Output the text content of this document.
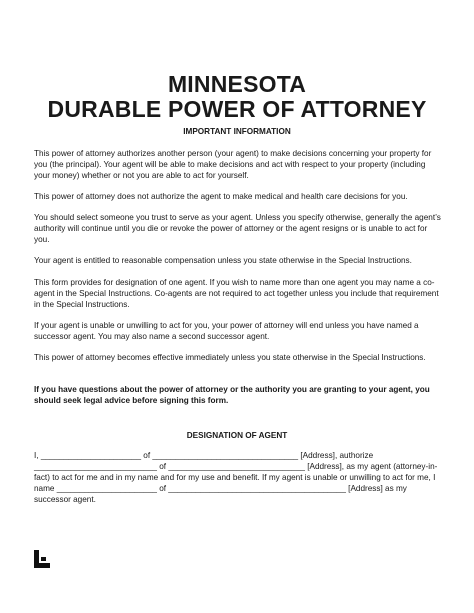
MINNESOTA
DURABLE POWER OF ATTORNEY
IMPORTANT INFORMATION

This power of attorney authorizes another person (your agent) to make decisions concerning your property for you (the principal). Your agent will be able to make decisions and act with respect to your property (including your money) whether or not you are able to act for yourself.

This power of attorney does not authorize the agent to make medical and health care decisions for you.

You should select someone you trust to serve as your agent. Unless you specify otherwise, generally the agent’s authority will continue until you die or revoke the power of attorney or the agent resigns or is unable to act for you.

Your agent is entitled to reasonable compensation unless you state otherwise in the Special Instructions.

This form provides for designation of one agent. If you wish to name more than one agent you may name a co-agent in the Special Instructions. Co-agents are not required to act together unless you include that requirement in the Special Instructions.

If your agent is unable or unwilling to act for you, your power of attorney will end unless you have named a successor agent. You may also name a second successor agent.

This power of attorney becomes effective immediately unless you state otherwise in the Special Instructions.

If you have questions about the power of attorney or the authority you are granting to your agent, you should seek legal advice before signing this form.

DESIGNATION OF AGENT

I, ______________________ of ________________________________ [Address], authorize ___________________________ of ______________________________ [Address], as my agent (attorney-in-fact) to act for me and in my name and for my use and benefit. If my agent is unable or unwilling to act for me, I name ______________________ of _______________________________________ [Address] as my successor agent.
